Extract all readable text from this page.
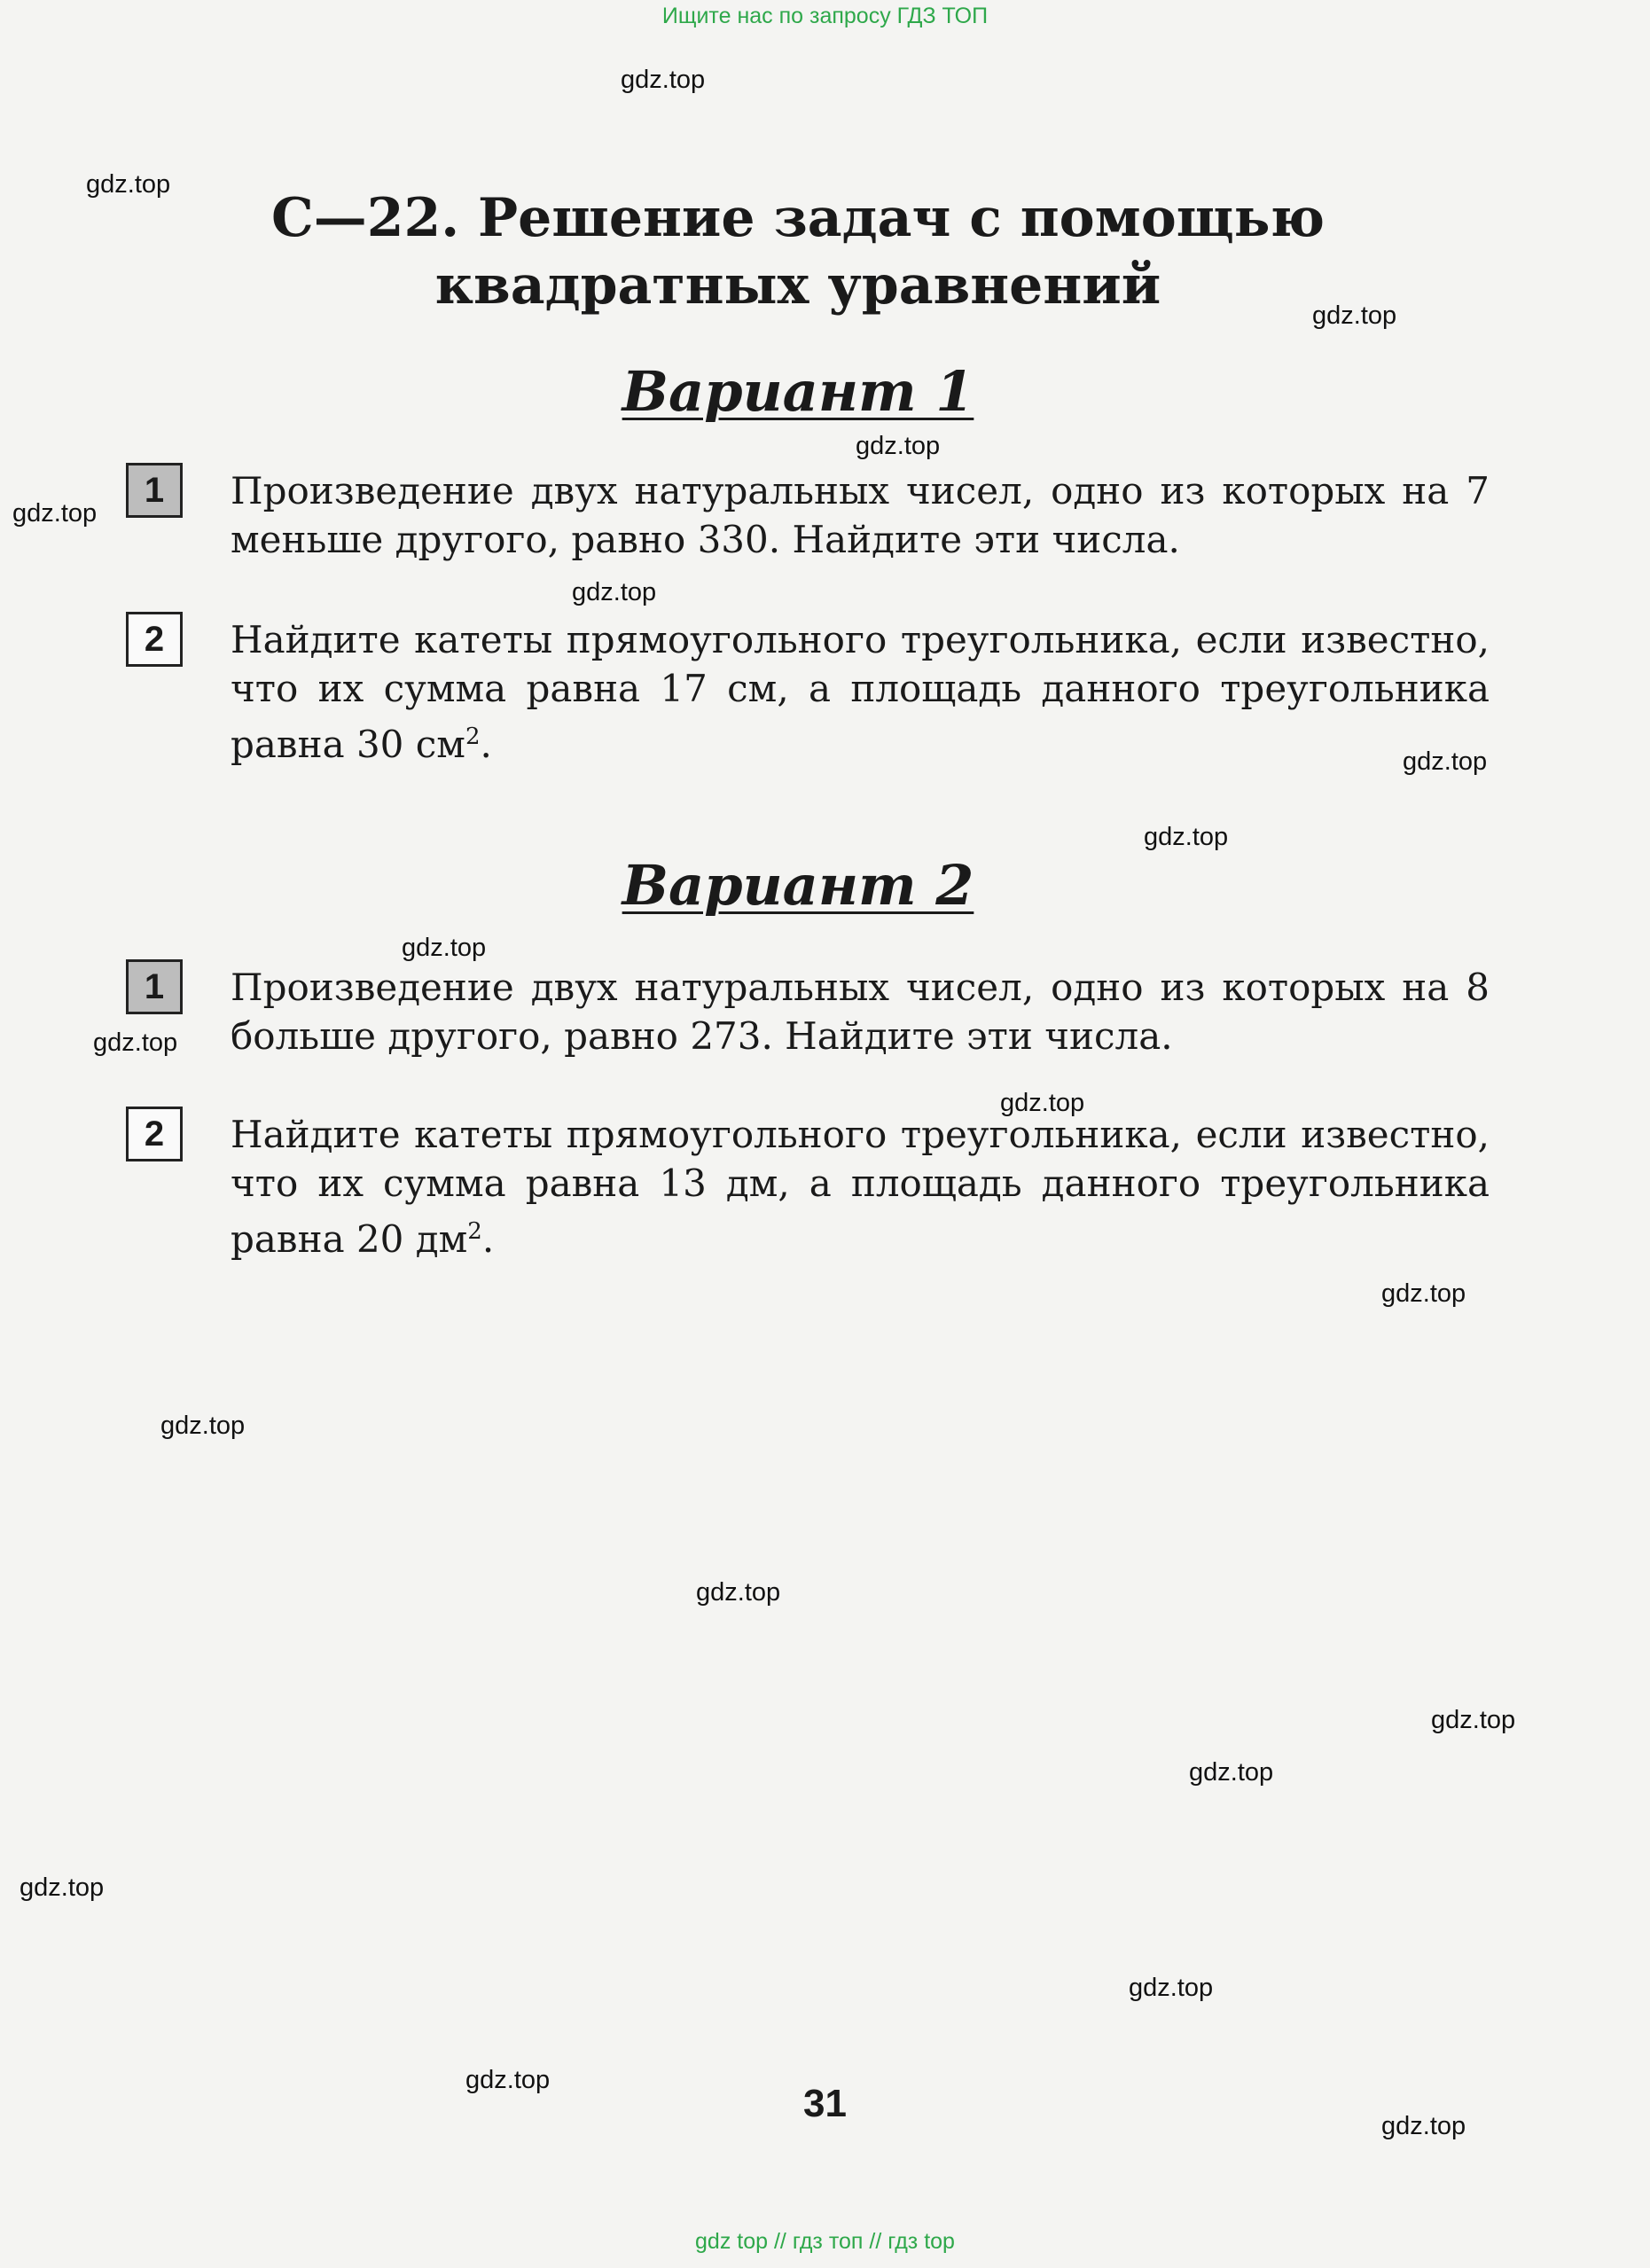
Ищите нас по запросу ГДЗ ТОП
gdz.top
gdz.top
gdz.top
gdz.top
gdz.top
gdz.top
gdz.top
gdz.top
gdz.top
gdz.top
gdz.top
gdz.top
gdz.top
gdz.top
gdz.top
gdz.top
gdz.top
gdz.top
gdz.top
gdz.top
С—22. Решение задач с помощью
квадратных уравнений
Вариант 1
1	Произведение двух натуральных чисел, одно из которых на 7 меньше другого, равно 330. Найдите эти числа.
2	Найдите катеты прямоугольного треугольника, если известно, что их сумма равна 17 см, а площадь данного треугольника равна 30 $см^2$.
Вариант 2
1	Произведение двух натуральных чисел, одно из которых на 8 больше другого, равно 273. Найдите эти числа.
2	Найдите катеты прямоугольного треугольника, если известно, что их сумма равна 13 дм, а площадь данного треугольника равна 20 $дм^2$.
31
gdz top // гдз топ // гдз top
